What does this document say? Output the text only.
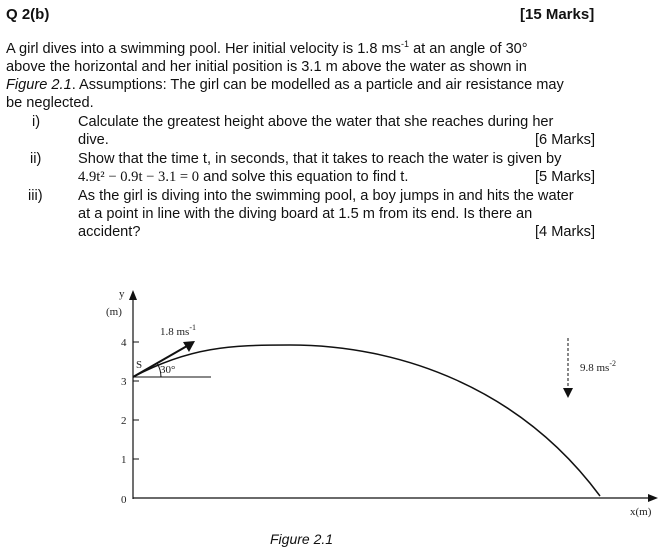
Q 2(b)	[15 Marks]
A girl dives into a swimming pool. Her initial velocity is 1.8 $ms^{-1}$ at an angle of 30°
above the horizontal and her initial position is 3.1 m above the water as shown in
Figure 2.1. Assumptions: The girl can be modelled as a particle and air resistance may
be neglected.
i)	Calculate the greatest height above the water that she reaches during her
dive.	[6 Marks]
ii)	Show that the time t, in seconds, that it takes to reach the water is given by
4.9t² − 0.9t − 3.1 = 0 and solve this equation to find t.	[5 Marks]
iii) As the girl is diving into the swimming pool, a boy jumps in and hits the water
at a point in line with the diving board at 1.5 m from its end. Is there an
accident?	[4 Marks]
y
(m)
x(m)
4
3
2
1
0
1.8 $ms^{-1}$
30°
S	9.8 $ms^{-2}$
Figure 2.1
